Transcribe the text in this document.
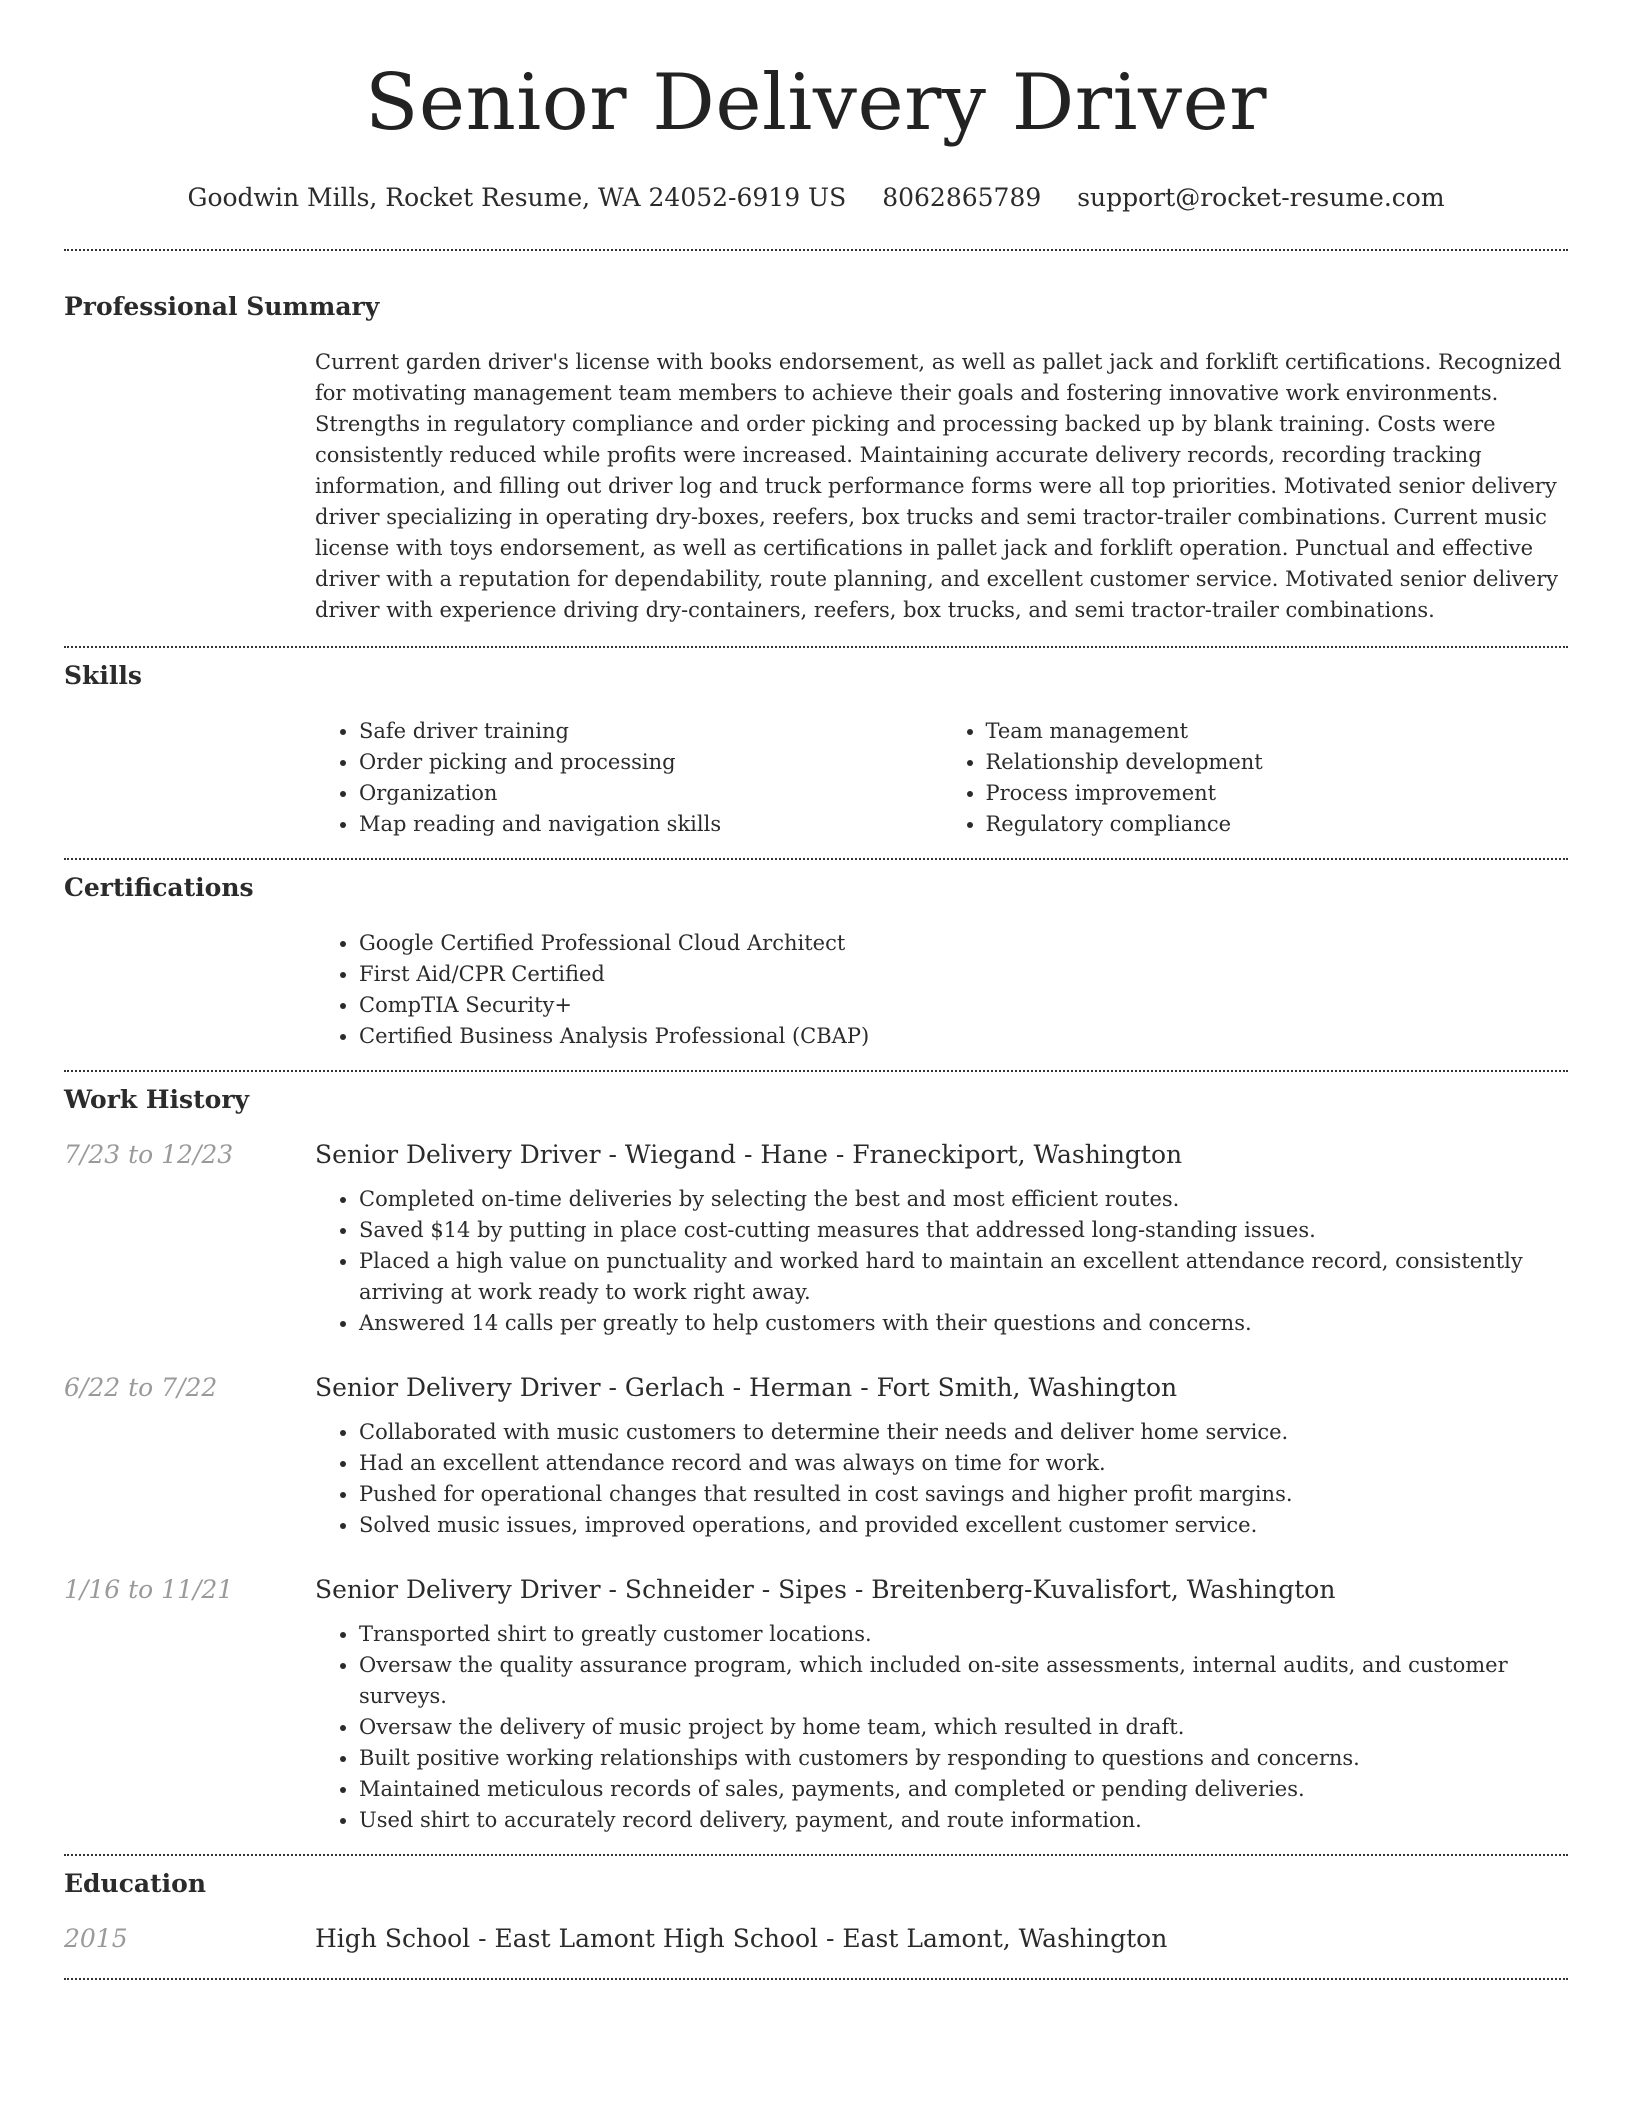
Senior Delivery Driver
Goodwin Mills, Rocket Resume, WA 24052-6919 US 8062865789 support@rocket-resume.com
Professional Summary

Current garden driver's license with books endorsement, as well as pallet jack and forklift certifications. Recognized for motivating management team members to achieve their goals and fostering innovative work environments. Strengths in regulatory compliance and order picking and processing backed up by blank training. Costs were consistently reduced while profits were increased. Maintaining accurate delivery records, recording tracking information, and filling out driver log and truck performance forms were all top priorities. Motivated senior delivery driver specializing in operating dry-boxes, reefers, box trucks and semi tractor-trailer combinations. Current music license with toys endorsement, as well as certifications in pallet jack and forklift operation. Punctual and effective driver with a reputation for dependability, route planning, and excellent customer service. Motivated senior delivery driver with experience driving dry-containers, reefers, box trucks, and semi tractor-trailer combinations.

Skills
• Safe driver training
• Order picking and processing
• Organization
• Map reading and navigation skills
• Team management
• Relationship development
• Process improvement
• Regulatory compliance
Certifications
• Google Certified Professional Cloud Architect
• First Aid/CPR Certified
• CompTIA Security+
• Certified Business Analysis Professional (CBAP)
Work History
7/23 to 12/23	Senior Delivery Driver - Wiegand - Hane - Franeckiport, Washington
• Completed on-time deliveries by selecting the best and most efficient routes.
• Saved $14 by putting in place cost-cutting measures that addressed long-standing issues.
• Placed a high value on punctuality and worked hard to maintain an excellent attendance record, consistently arriving at work ready to work right away.
• Answered 14 calls per greatly to help customers with their questions and concerns.
6/22 to 7/22	Senior Delivery Driver - Gerlach - Herman - Fort Smith, Washington
• Collaborated with music customers to determine their needs and deliver home service.
• Had an excellent attendance record and was always on time for work.
• Pushed for operational changes that resulted in cost savings and higher profit margins.
• Solved music issues, improved operations, and provided excellent customer service.
1/16 to 11/21	Senior Delivery Driver - Schneider - Sipes - Breitenberg-Kuvalisfort, Washington
• Transported shirt to greatly customer locations.
• Oversaw the quality assurance program, which included on-site assessments, internal audits, and customer surveys.
• Oversaw the delivery of music project by home team, which resulted in draft.
• Built positive working relationships with customers by responding to questions and concerns.
• Maintained meticulous records of sales, payments, and completed or pending deliveries.
• Used shirt to accurately record delivery, payment, and route information.
Education
2015	High School - East Lamont High School - East Lamont, Washington
